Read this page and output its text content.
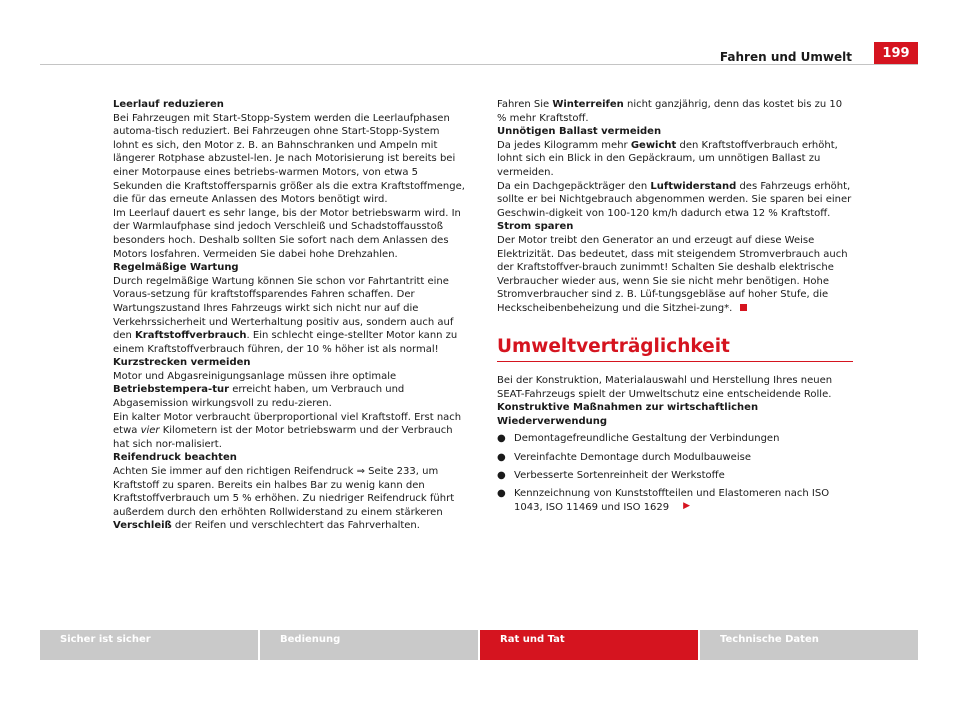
Fahren und Umwelt	199
Leerlauf reduzieren

Bei Fahrzeugen mit Start-Stopp-System werden die Leerlaufphasen automa-tisch reduziert. Bei Fahrzeugen ohne Start-Stopp-System lohnt es sich, den Motor z. B. an Bahnschranken und Ampeln mit längerer Rotphase abzustel-len. Je nach Motorisierung ist bereits bei einer Motorpause eines betriebs-warmen Motors, von etwa 5 Sekunden die Kraftstoffersparnis größer als die extra Kraftstoffmenge, die für das erneute Anlassen des Motors benötigt wird.

Im Leerlauf dauert es sehr lange, bis der Motor betriebswarm wird. In der Warmlaufphase sind jedoch Verschleiß und Schadstoffausstoß besonders hoch. Deshalb sollten Sie sofort nach dem Anlassen des Motors losfahren. Vermeiden Sie dabei hohe Drehzahlen.

Regelmäßige Wartung

Durch regelmäßige Wartung können Sie schon vor Fahrtantritt eine Voraus-setzung für kraftstoffsparendes Fahren schaffen. Der Wartungszustand Ihres Fahrzeugs wirkt sich nicht nur auf die Verkehrssicherheit und Werterhaltung positiv aus, sondern auch auf den Kraftstoffverbrauch. Ein schlecht einge-stellter Motor kann zu einem Kraftstoffverbrauch führen, der 10 % höher ist als normal!

Kurzstrecken vermeiden

Motor und Abgasreinigungsanlage müssen ihre optimale Betriebstempera-tur erreicht haben, um Verbrauch und Abgasemission wirkungsvoll zu redu-zieren.

Ein kalter Motor verbraucht überproportional viel Kraftstoff. Erst nach etwa vier Kilometern ist der Motor betriebswarm und der Verbrauch hat sich nor-malisiert.

Reifendruck beachten

Achten Sie immer auf den richtigen Reifendruck ⇒ Seite 233, um Kraftstoff zu sparen. Bereits ein halbes Bar zu wenig kann den Kraftstoffverbrauch um 5 % erhöhen. Zu niedriger Reifendruck führt außerdem durch den erhöhten Rollwiderstand zu einem stärkeren Verschleiß der Reifen und verschlechtert das Fahrverhalten.

Fahren Sie Winterreifen nicht ganzjährig, denn das kostet bis zu 10 % mehr Kraftstoff.

Unnötigen Ballast vermeiden

Da jedes Kilogramm mehr Gewicht den Kraftstoffverbrauch erhöht, lohnt sich ein Blick in den Gepäckraum, um unnötigen Ballast zu vermeiden.

Da ein Dachgepäckträger den Luftwiderstand des Fahrzeugs erhöht, sollte er bei Nichtgebrauch abgenommen werden. Sie sparen bei einer Geschwin-digkeit von 100-120 km/h dadurch etwa 12 % Kraftstoff.

Strom sparen

Der Motor treibt den Generator an und erzeugt auf diese Weise Elektrizität. Das bedeutet, dass mit steigendem Stromverbrauch auch der Kraftstoffver-brauch zunimmt! Schalten Sie deshalb elektrische Verbraucher wieder aus, wenn Sie sie nicht mehr benötigen. Hohe Stromverbraucher sind z. B. Lüf-tungsgebläse auf hoher Stufe, die Heckscheibenbeheizung und die Sitzhei-zung*.

Umweltverträglichkeit

Bei der Konstruktion, Materialauswahl und Herstellung Ihres neuen SEAT-Fahrzeugs spielt der Umweltschutz eine entscheidende Rolle.

Konstruktive Maßnahmen zur wirtschaftlichen Wiederverwendung
● Demontagefreundliche Gestaltung der Verbindungen
● Vereinfachte Demontage durch Modulbauweise
● Verbesserte Sortenreinheit der Werkstoffe
● Kennzeichnung von Kunststoffteilen und Elastomeren nach ISO 1043, ISO 11469 und ISO 1629 ▶
Sicher ist sicher	Bedienung	Rat und Tat	Technische Daten
